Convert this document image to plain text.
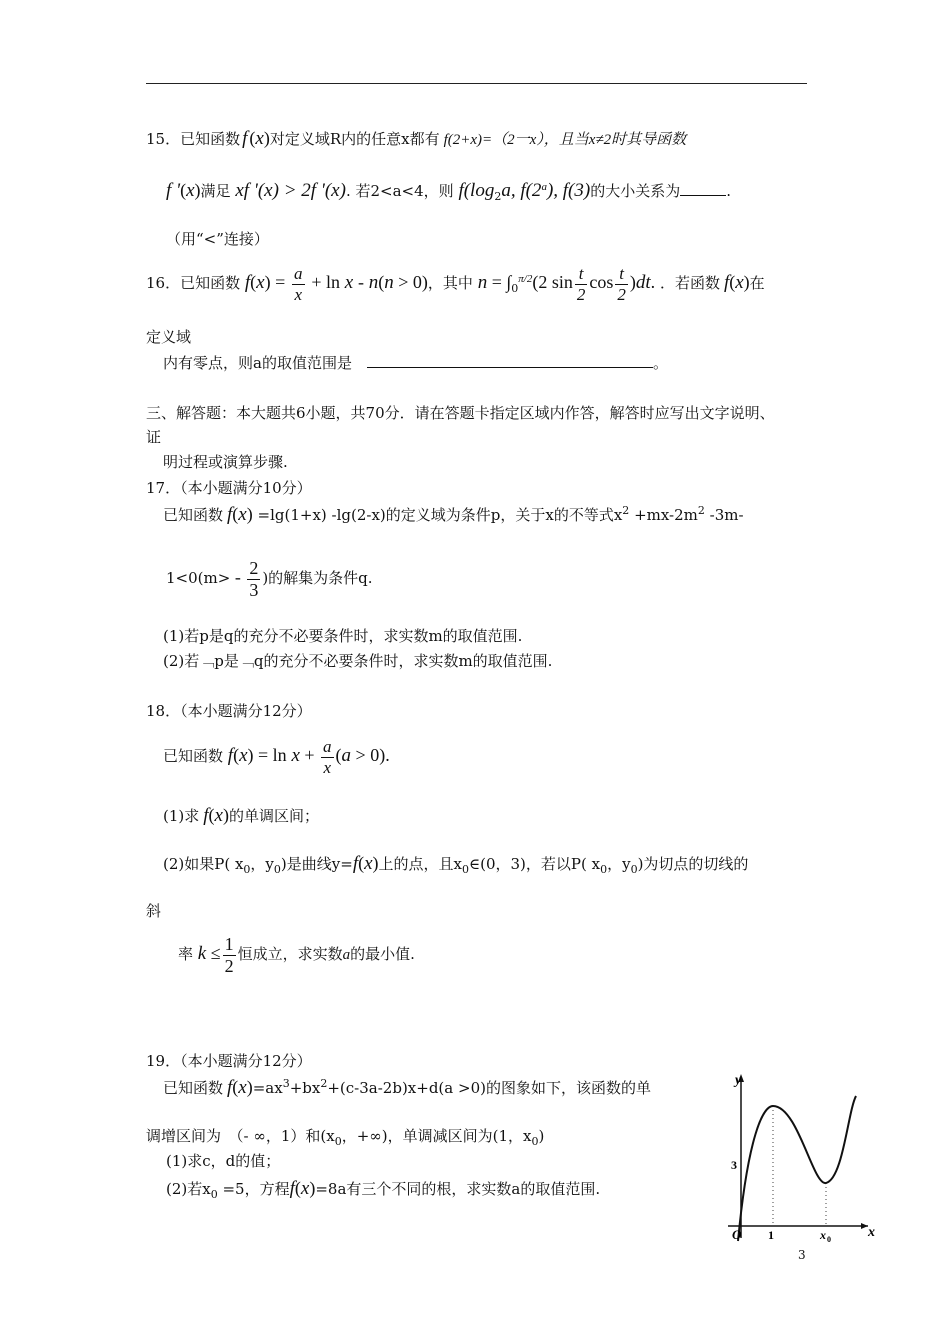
15．已知函数 f (x)对定义域R内的任意x都有 f(2+x)=（2一x），且当x≠2时其导函数
f '(x)满足 xf '(x) > 2f '(x). 若2<a<4，则 $f(\log_2a$, f(2$^a$), f(3)的大小关系为	.
（用“<”连接）
16．已知函数 $f(x) = \frac{a}{x} + \ln x - n(n > 0)$，其中 $n = \int_0^{\pi/2}(2$ $\sin \frac{t}{2}$ $\cos \frac{t}{2} )dt$. ．若函数 f(x)在
定义域
内有零点，则a的取值范围是　	。
三、解答题：本大题共6小题，共70分．请在答题卡指定区域内作答，解答时应写出文字说明、
证
明过程或演算步骤.
17．（本小题满分10分）
已知函数 f(x) =lg(1+x) -lg(2-x)的定义域为条件p，关于x的不等式$x^2 +mx-2m^2$ -3m-
$1<0(m> - \frac{2}{3}$ )的解集为条件q.
(1)若p是q的充分不必要条件时，求实数m的取值范围.
(2)若﹁p是﹁q的充分不必要条件时，求实数m的取值范围.
18．（本小题满分12分）
已知函数 $f(x) = \ln x + \frac{a}{x} (a > 0)$.
(1)求 f(x)的单调区间；
(2)如果P( $x_0$，$y_0$)是曲线y=f(x)上的点，且$x_0\in(0$，3)，若以P( $x_0$，$y_0$)为切点的切线的
斜
率 $k \le \frac{1}{2}$ 恒成立，求实数a的最小值.
19．（本小题满分12分）
已知函数 $f(x)=ax^3+bx^2+(c-3a-2b)x+d(a >0)$的图象如下，该函数的单
调增区间为　（- ∞，1）和($x_0$，+∞)，单调减区间为(1，$x_0$)
(1)求c，d的值；
(2)若$x_0 =5$，方程f(x)=8a有三个不同的根，求实数a的取值范围.
y
x
O 1	x 0
3
3
